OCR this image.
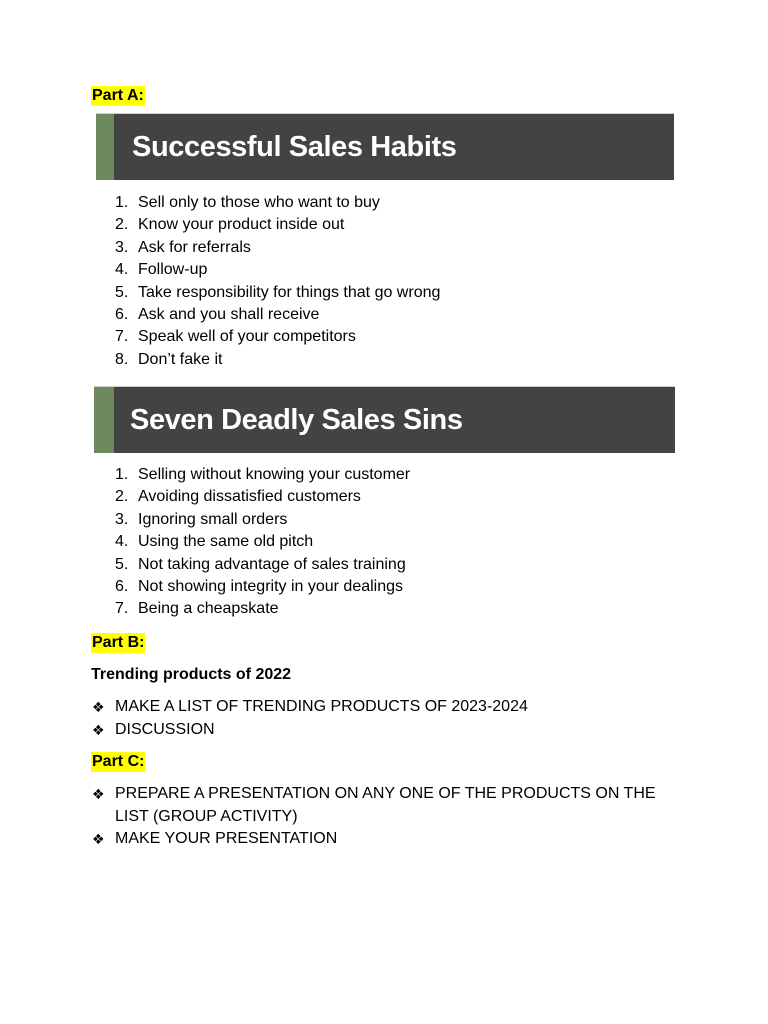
Part A:
Successful Sales Habits
1. Sell only to those who want to buy
2. Know your product inside out
3. Ask for referrals
4. Follow-up
5. Take responsibility for things that go wrong
6. Ask and you shall receive
7. Speak well of your competitors
8. Don’t fake it
Seven Deadly Sales Sins
1. Selling without knowing your customer
2. Avoiding dissatisfied customers
3. Ignoring small orders
4. Using the same old pitch
5. Not taking advantage of sales training
6. Not showing integrity in your dealings
7. Being a cheapskate
Part B:
Trending products of 2022
❖ MAKE A LIST OF TRENDING PRODUCTS OF 2023-2024
❖ DISCUSSION
Part C:
❖ PREPARE A PRESENTATION ON ANY ONE OF THE PRODUCTS ON THE LIST (GROUP ACTIVITY)
❖ MAKE YOUR PRESENTATION
